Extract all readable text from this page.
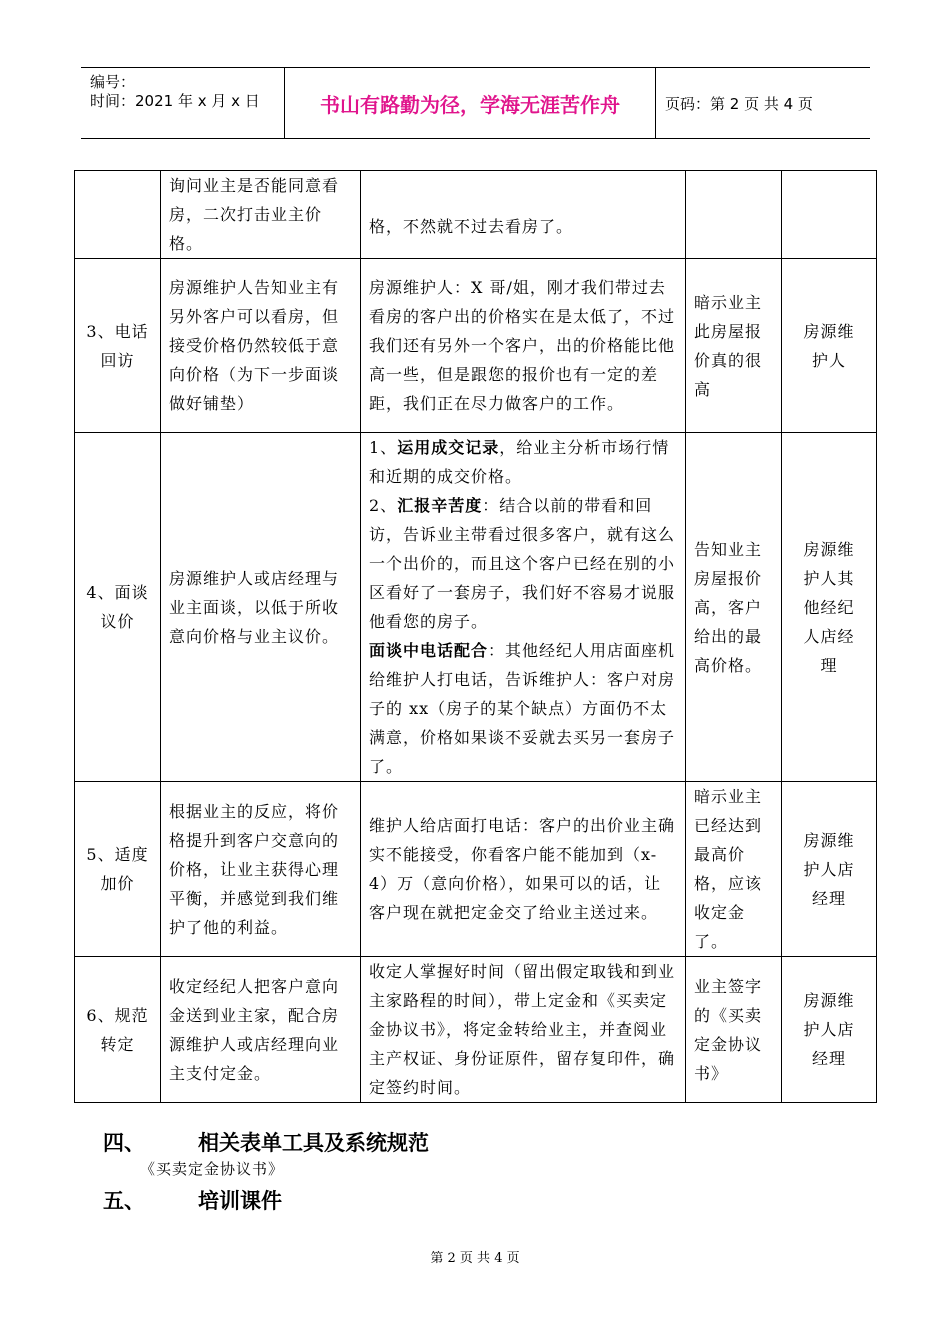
编号：
时间：2021 年 x 月 x 日	书山有路勤为径，学海无涯苦作舟	页码：第 2 页 共 4 页
	询问业主是否能同意看房，二次打击业主价格。	格，不然就不过去看房了。		
3、电话回访	房源维护人告知业主有另外客户可以看房，但接受价格仍然较低于意向价格（为下一步面谈做好铺垫）	房源维护人：X 哥/姐，刚才我们带过去看房的客户出的价格实在是太低了，不过我们还有另外一个客户，出的价格能比他高一些，但是跟您的报价也有一定的差距，我们正在尽力做客户的工作。	暗示业主此房屋报价真的很高	房源维护人
4、面谈议价	房源维护人或店经理与业主面谈，以低于所收意向价格与业主议价。	1、运用成交记录，给业主分析市场行情和近期的成交价格。
2、汇报辛苦度：结合以前的带看和回访，告诉业主带看过很多客户，就有这么一个出价的，而且这个客户已经在别的小区看好了一套房子，我们好不容易才说服他看您的房子。
面谈中电话配合：其他经纪人用店面座机给维护人打电话，告诉维护人：客户对房子的 xx（房子的某个缺点）方面仍不太满意，价格如果谈不妥就去买另一套房子了。	告知业主房屋报价高，客户给出的最高价格。	房源维护人其他经纪人店经理
5、适度加价	根据业主的反应，将价格提升到客户交意向的价格，让业主获得心理平衡，并感觉到我们维护了他的利益。	维护人给店面打电话：客户的出价业主确实不能接受，你看客户能不能加到（x-4）万（意向价格），如果可以的话，让客户现在就把定金交了给业主送过来。	暗示业主已经达到最高价格，应该收定金了。	房源维护人店经理
6、规范转定	收定经纪人把客户意向金送到业主家，配合房源维护人或店经理向业主支付定金。	收定人掌握好时间（留出假定取钱和到业主家路程的时间），带上定金和《买卖定金协议书》，将定金转给业主，并查阅业主产权证、身份证原件，留存复印件，确定签约时间。	业主签字的《买卖定金协议书》	房源维护人店经理
四、	相关表单工具及系统规范
《买卖定金协议书》
五、	培训课件
第 2 页 共 4 页
